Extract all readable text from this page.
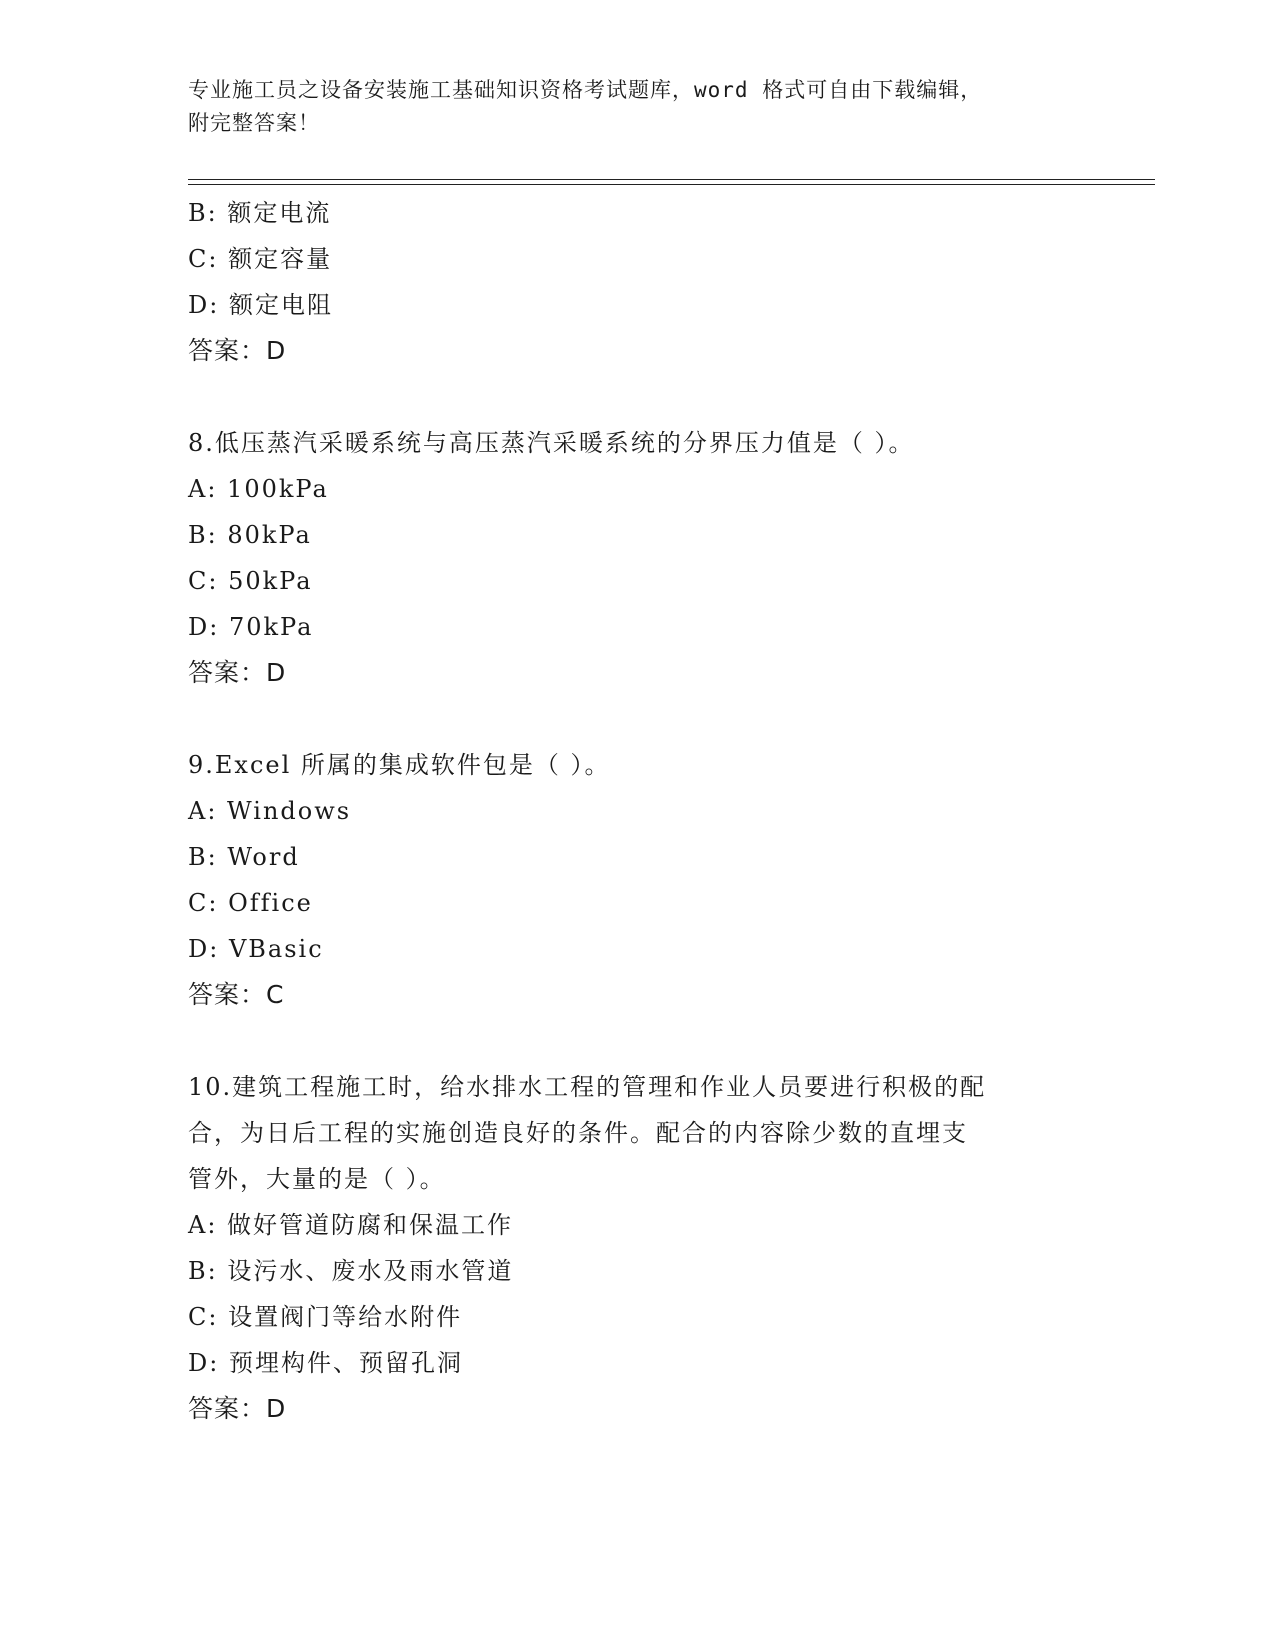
专业施工员之设备安装施工基础知识资格考试题库，word 格式可自由下载编辑，
附完整答案！
B: 额定电流
C: 额定容量
D: 额定电阻
答案：D
8.低压蒸汽采暖系统与高压蒸汽采暖系统的分界压力值是（ ）。
A: 100kPa
B: 80kPa
C: 50kPa
D: 70kPa
答案：D
9.Excel 所属的集成软件包是（ ）。
A: Windows
B: Word
C: Office
D: VBasic
答案：C
10.建筑工程施工时，给水排水工程的管理和作业人员要进行积极的配
合，为日后工程的实施创造良好的条件。配合的内容除少数的直埋支
管外，大量的是（ ）。
A: 做好管道防腐和保温工作
B: 设污水、废水及雨水管道
C: 设置阀门等给水附件
D: 预埋构件、预留孔洞
答案：D
